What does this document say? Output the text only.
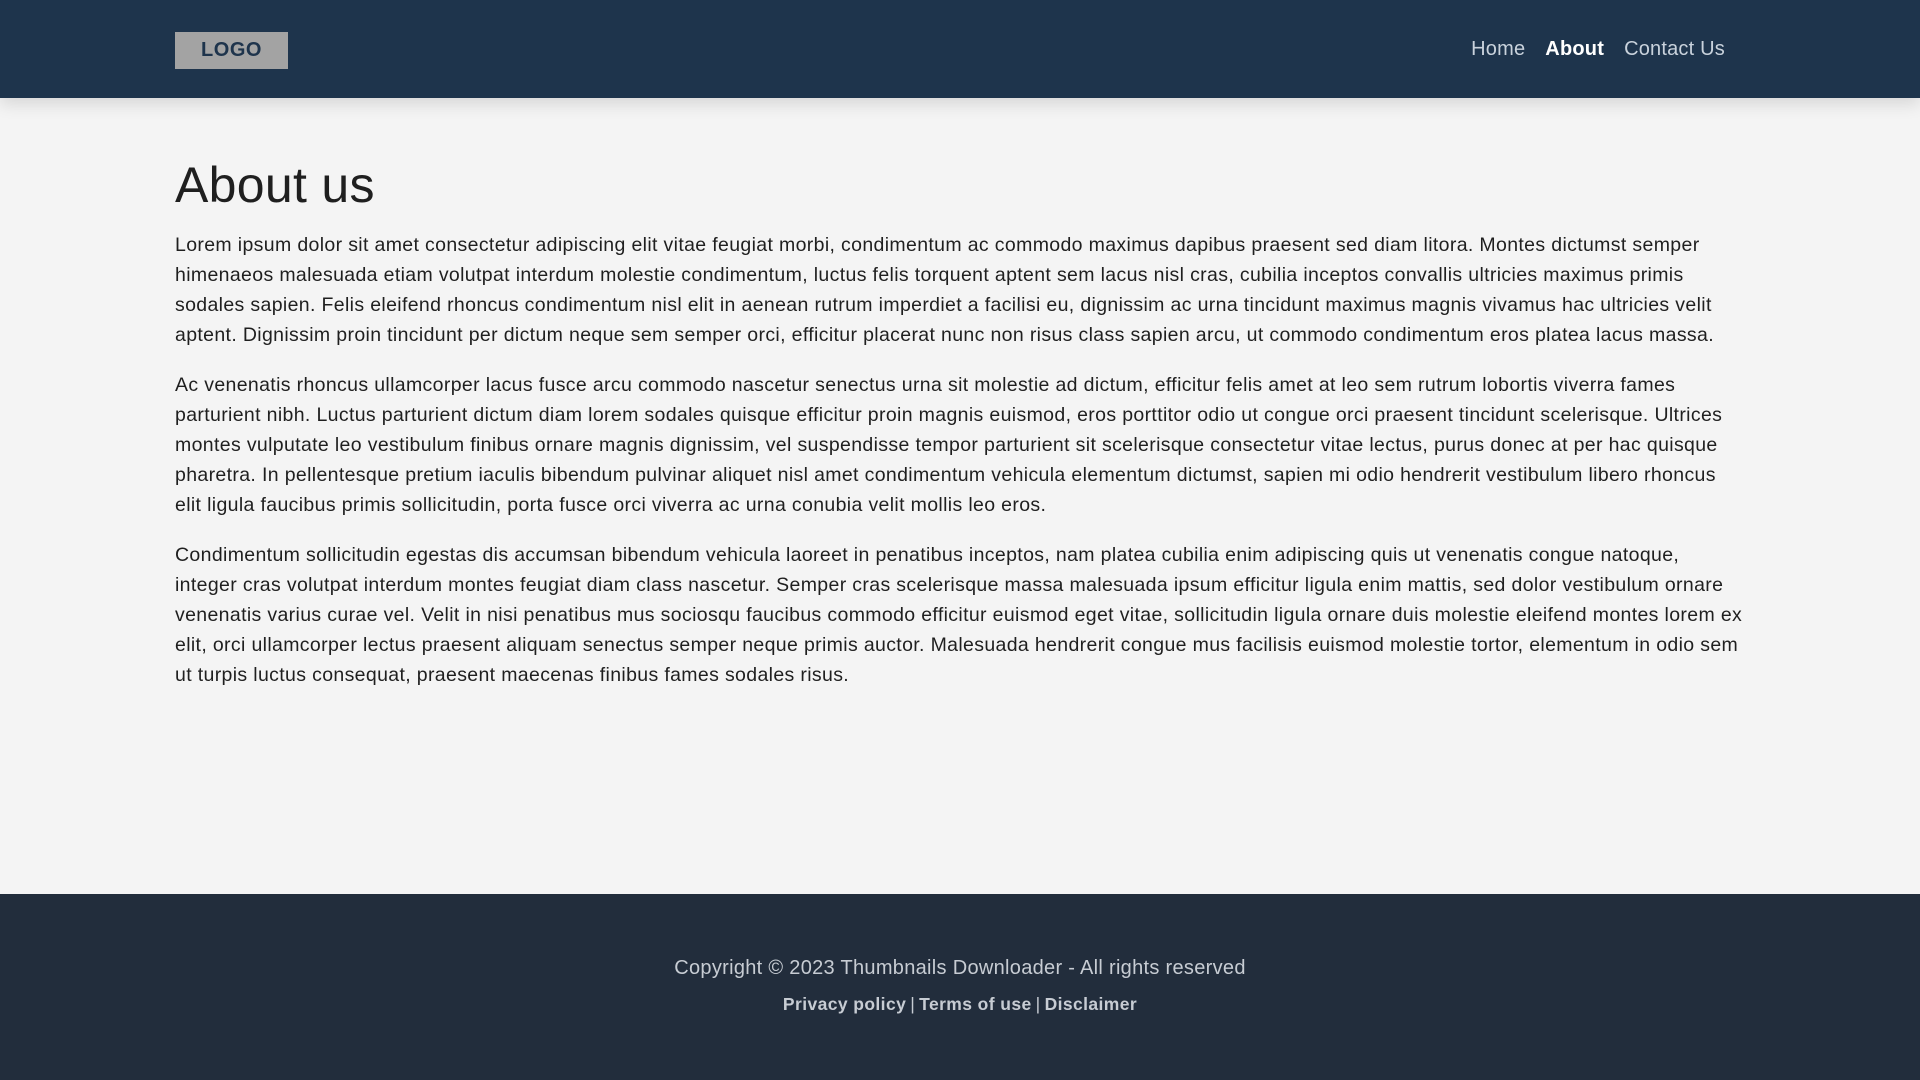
LOGO	Home About Contact Us
About us

Lorem ipsum dolor sit amet consectetur adipiscing elit vitae feugiat morbi, condimentum ac commodo maximus dapibus praesent sed diam litora. Montes dictumst semper himenaeos malesuada etiam volutpat interdum molestie condimentum, luctus felis torquent aptent sem lacus nisl cras, cubilia inceptos convallis ultricies maximus primis sodales sapien. Felis eleifend rhoncus condimentum nisl elit in aenean rutrum imperdiet a facilisi eu, dignissim ac urna tincidunt maximus magnis vivamus hac ultricies velit aptent. Dignissim proin tincidunt per dictum neque sem semper orci, efficitur placerat nunc non risus class sapien arcu, ut commodo condimentum eros platea lacus massa.

Ac venenatis rhoncus ullamcorper lacus fusce arcu commodo nascetur senectus urna sit molestie ad dictum, efficitur felis amet at leo sem rutrum lobortis viverra fames parturient nibh. Luctus parturient dictum diam lorem sodales quisque efficitur proin magnis euismod, eros porttitor odio ut congue orci praesent tincidunt scelerisque. Ultrices montes vulputate leo vestibulum finibus ornare magnis dignissim, vel suspendisse tempor parturient sit scelerisque consectetur vitae lectus, purus donec at per hac quisque pharetra. In pellentesque pretium iaculis bibendum pulvinar aliquet nisl amet condimentum vehicula elementum dictumst, sapien mi odio hendrerit vestibulum libero rhoncus elit ligula faucibus primis sollicitudin, porta fusce orci viverra ac urna conubia velit mollis leo eros.

Condimentum sollicitudin egestas dis accumsan bibendum vehicula laoreet in penatibus inceptos, nam platea cubilia enim adipiscing quis ut venenatis congue natoque, integer cras volutpat interdum montes feugiat diam class nascetur. Semper cras scelerisque massa malesuada ipsum efficitur ligula enim mattis, sed dolor vestibulum ornare venenatis varius curae vel. Velit in nisi penatibus mus sociosqu faucibus commodo efficitur euismod eget vitae, sollicitudin ligula ornare duis molestie eleifend montes lorem ex elit, orci ullamcorper lectus praesent aliquam senectus semper neque primis auctor. Malesuada hendrerit congue mus facilisis euismod molestie tortor, elementum in odio sem ut turpis luctus consequat, praesent maecenas finibus fames sodales risus.

Copyright © 2023 Thumbnails Downloader - All rights reserved
Privacy policy | Terms of use | Disclaimer
